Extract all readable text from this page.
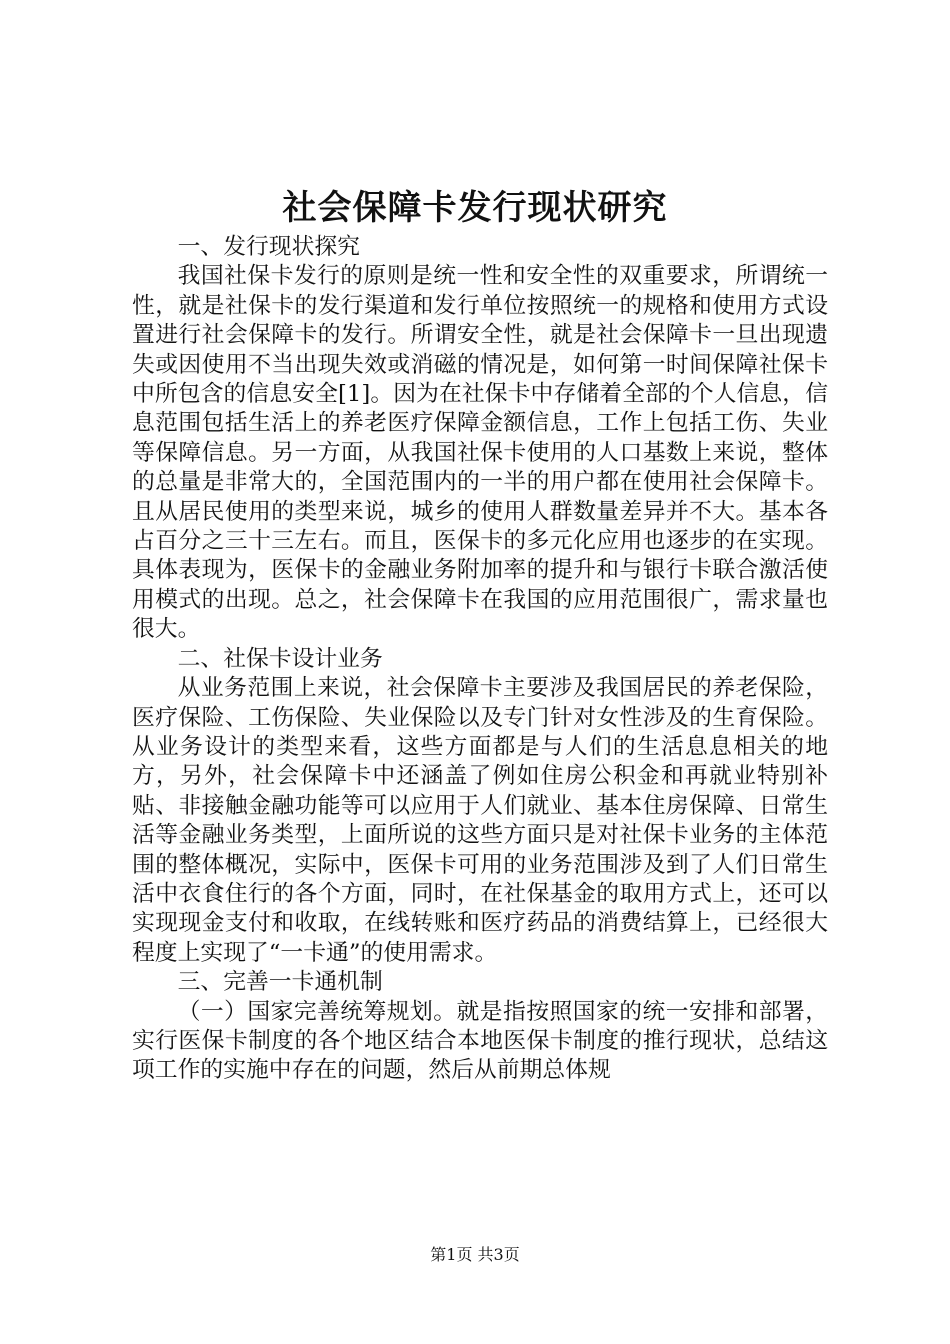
社会保障卡发行现状研究

一、发行现状探究

我国社保卡发行的原则是统一性和安全性的双重要求，所谓统一性，就是社保卡的发行渠道和发行单位按照统一的规格和使用方式设置进行社会保障卡的发行。所谓安全性，就是社会保障卡一旦出现遗失或因使用不当出现失效或消磁的情况是，如何第一时间保障社保卡中所包含的信息安全[1]。因为在社保卡中存储着全部的个人信息，信息范围包括生活上的养老医疗保障金额信息，工作上包括工伤、失业等保障信息。另一方面，从我国社保卡使用的人口基数上来说，整体的总量是非常大的，全国范围内的一半的用户都在使用社会保障卡。且从居民使用的类型来说，城乡的使用人群数量差异并不大。基本各占百分之三十三左右。而且，医保卡的多元化应用也逐步的在实现。具体表现为，医保卡的金融业务附加率的提升和与银行卡联合激活使用模式的出现。总之，社会保障卡在我国的应用范围很广，需求量也很大。

二、社保卡设计业务

从业务范围上来说，社会保障卡主要涉及我国居民的养老保险，医疗保险、工伤保险、失业保险以及专门针对女性涉及的生育保险。从业务设计的类型来看，这些方面都是与人们的生活息息相关的地方，另外，社会保障卡中还涵盖了例如住房公积金和再就业特别补贴、非接触金融功能等可以应用于人们就业、基本住房保障、日常生活等金融业务类型，上面所说的这些方面只是对社保卡业务的主体范围的整体概况，实际中，医保卡可用的业务范围涉及到了人们日常生活中衣食住行的各个方面，同时，在社保基金的取用方式上，还可以实现现金支付和收取，在线转账和医疗药品的消费结算上，已经很大程度上实现了“一卡通”的使用需求。

三、完善一卡通机制

（一）国家完善统筹规划。就是指按照国家的统一安排和部署，实行医保卡制度的各个地区结合本地医保卡制度的推行现状，总结这项工作的实施中存在的问题，然后从前期总体规

第1页 共3页
